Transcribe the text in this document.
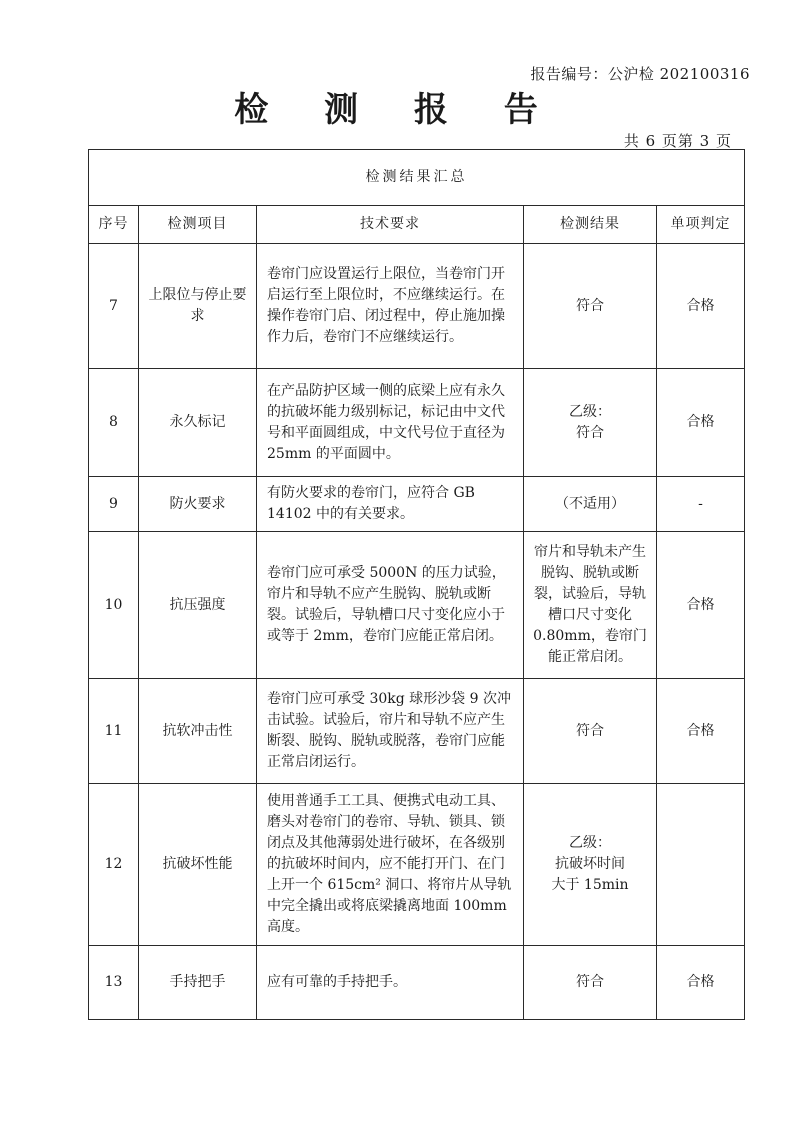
报告编号：公沪检 202100316
检 测 报 告
共 6 页第 3 页
检测结果汇总				
序号	检测项目	技术要求	检测结果	单项判定
7	上限位与停止要求	卷帘门应设置运行上限位，当卷帘门开启运行至上限位时，不应继续运行。在操作卷帘门启、闭过程中，停止施加操作力后，卷帘门不应继续运行。	符合	合格
8	永久标记	在产品防护区域一侧的底梁上应有永久的抗破坏能力级别标记，标记由中文代号和平面圆组成，中文代号位于直径为 25mm 的平面圆中。	乙级：
符合	合格
9	防火要求	有防火要求的卷帘门，应符合 GB 14102 中的有关要求。	（不适用）	-
10	抗压强度	卷帘门应可承受 5000N 的压力试验，帘片和导轨不应产生脱钩、脱轨或断裂。试验后，导轨槽口尺寸变化应小于或等于 2mm，卷帘门应能正常启闭。	帘片和导轨未产生脱钩、脱轨或断裂，试验后，导轨槽口尺寸变化 0.80mm，卷帘门能正常启闭。	合格
11	抗软冲击性	卷帘门应可承受 30kg 球形沙袋 9 次冲击试验。试验后，帘片和导轨不应产生断裂、脱钩、脱轨或脱落，卷帘门应能正常启闭运行。	符合	合格
12	抗破坏性能	使用普通手工工具、便携式电动工具、磨头对卷帘门的卷帘、导轨、锁具、锁闭点及其他薄弱处进行破坏，在各级别的抗破坏时间内，应不能打开门、在门上开一个 615cm² 洞口、将帘片从导轨中完全撬出或将底梁撬离地面 100mm 高度。	乙级：
抗破坏时间
大于 15min	
13	手持把手	应有可靠的手持把手。	符合	合格
